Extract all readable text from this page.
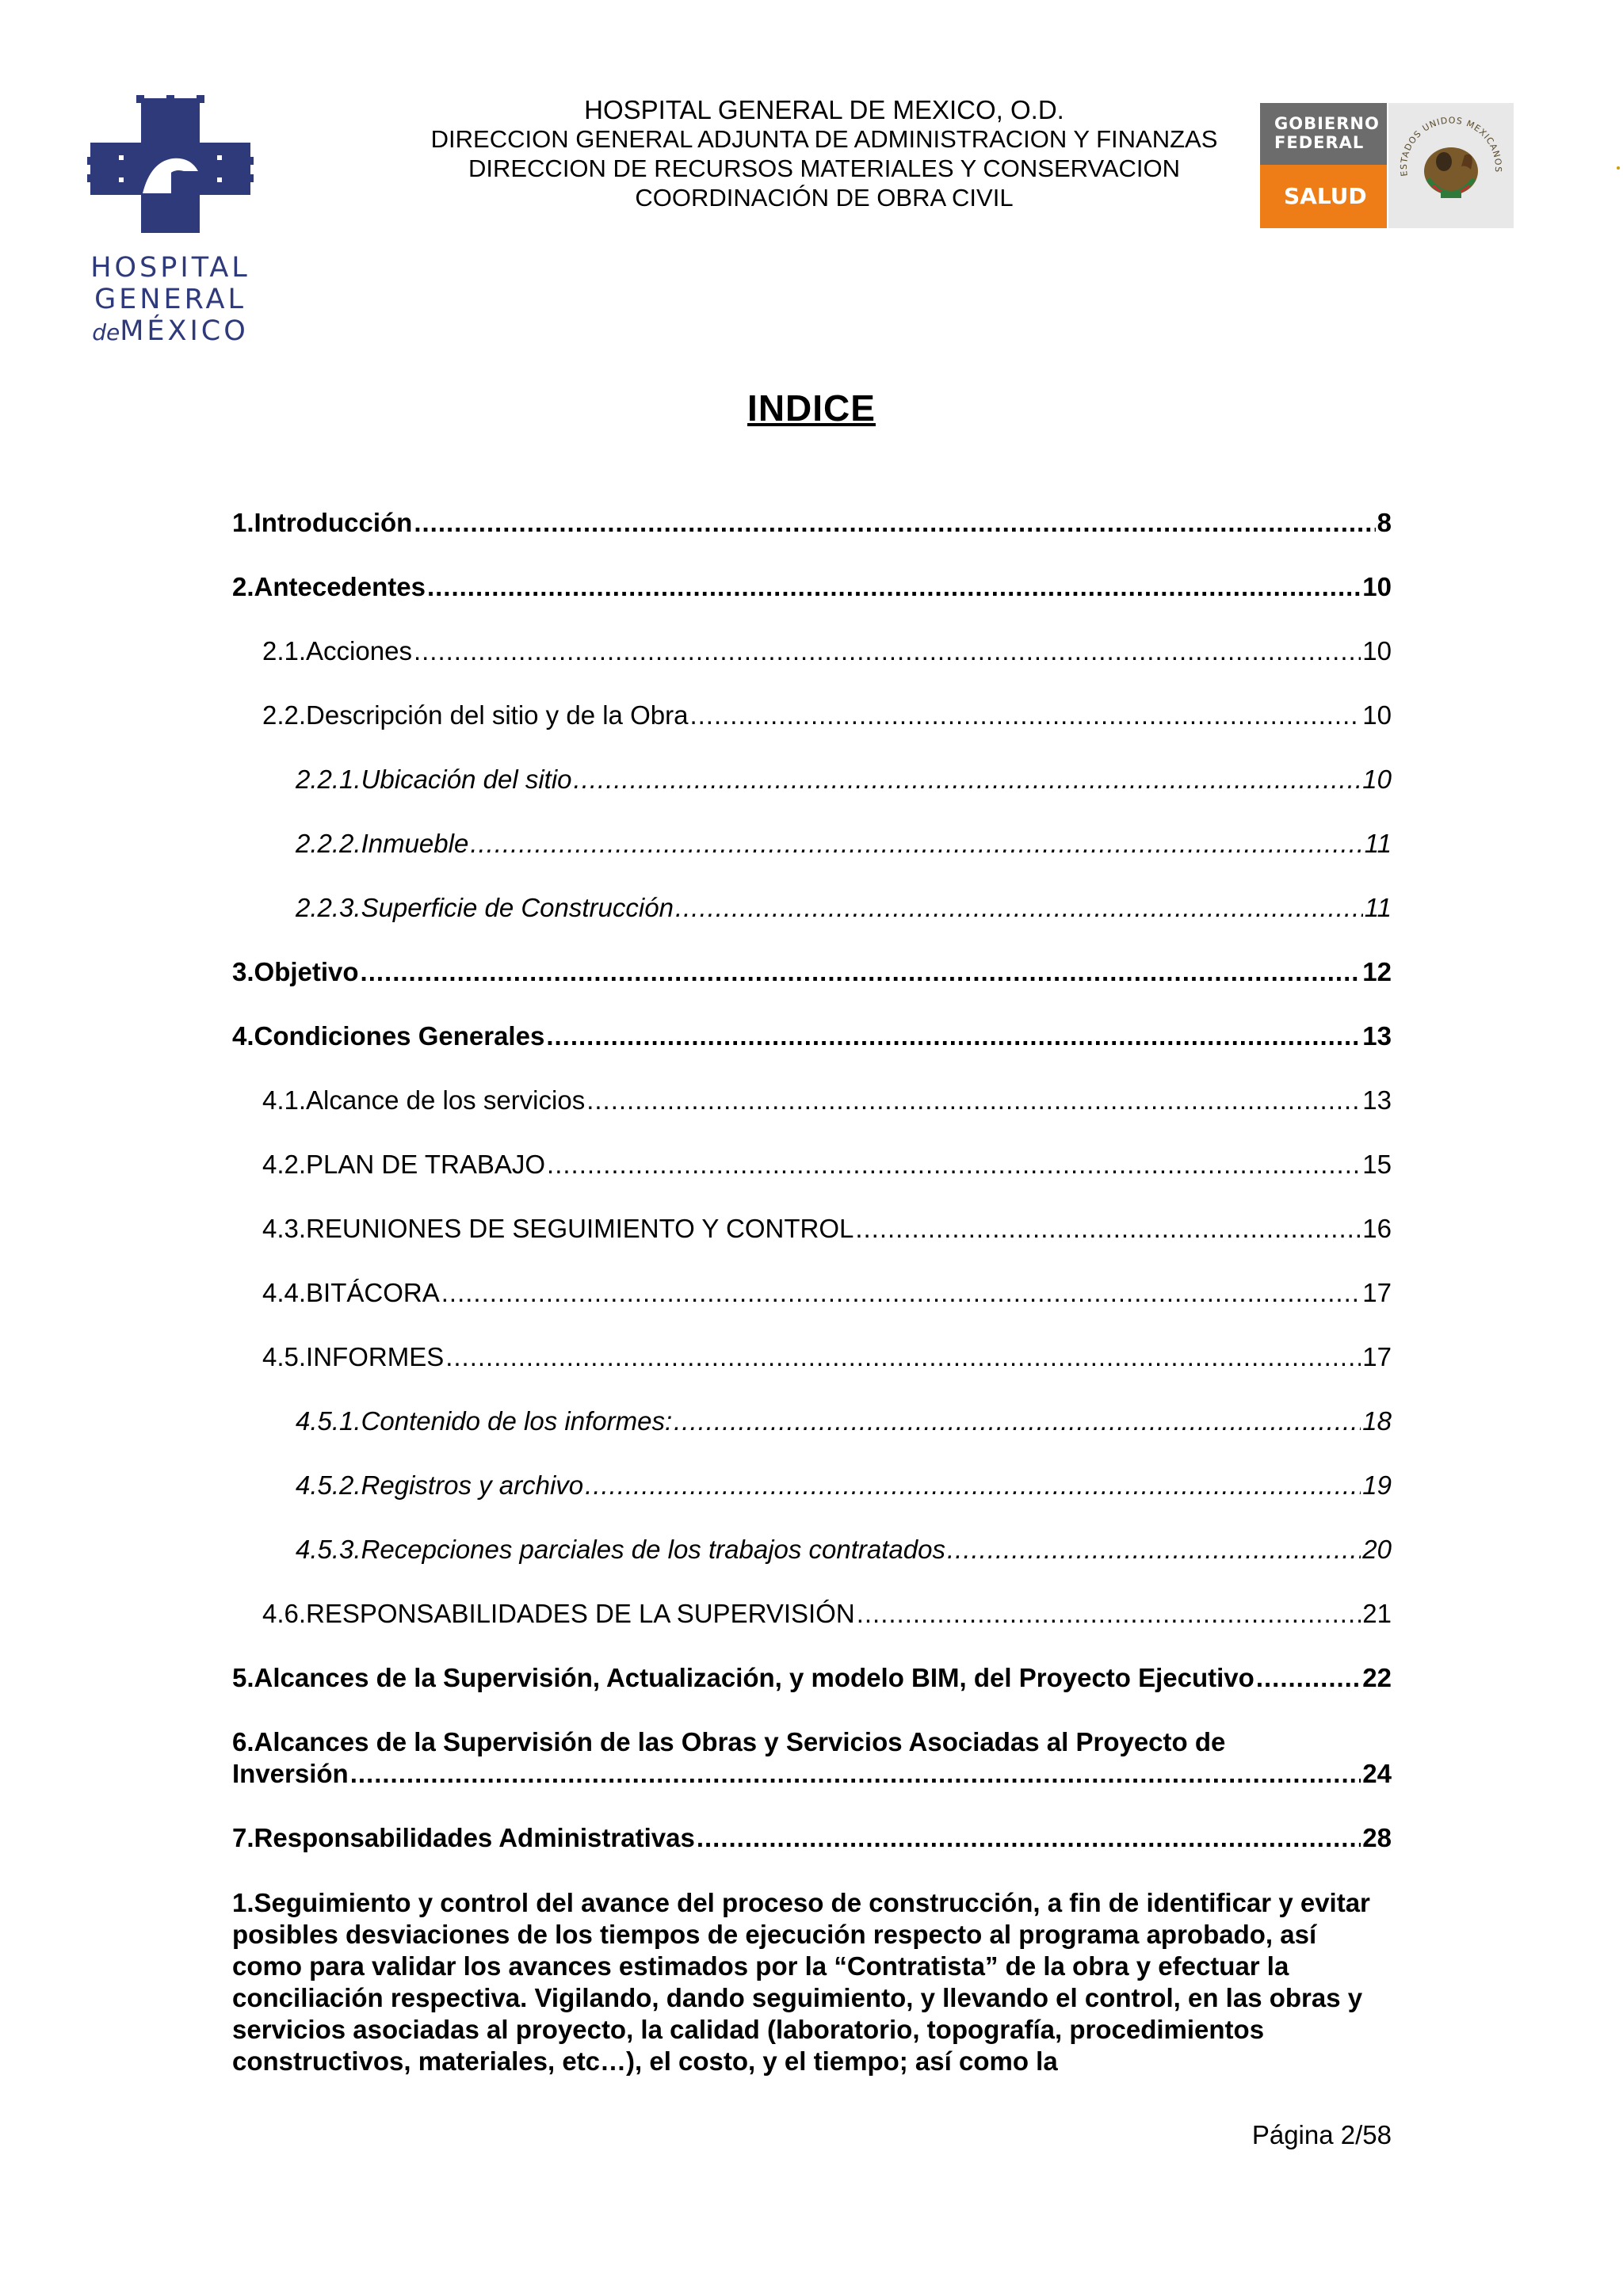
HOSPITAL
GENERAL
deMÉXICO
HOSPITAL GENERAL DE MEXICO, O.D.
DIRECCION GENERAL ADJUNTA DE ADMINISTRACION Y FINANZAS
DIRECCION DE RECURSOS MATERIALES Y CONSERVACION
COORDINACIÓN DE OBRA CIVIL
GOBIERNO
FEDERAL
SALUD
ESTADOS UNIDOS MEXICANOS
INDICE
1.Introducción .....	8
2.Antecedentes .....	10
2.1.Acciones .....	10
2.2.Descripción del sitio y de la Obra .....	10
2.2.1.Ubicación del sitio .....	10
2.2.2.Inmueble .....	11
2.2.3.Superficie de Construcción .....	11
3.Objetivo .....	12
4.Condiciones Generales .....	13
4.1.Alcance de los servicios .....	13
4.2.PLAN DE TRABAJO .....	15
4.3.REUNIONES DE SEGUIMIENTO Y CONTROL .....	16
4.4.BITÁCORA .....	17
4.5.INFORMES .....	17
4.5.1.Contenido de los informes: .....	18
4.5.2.Registros y archivo .....	19
4.5.3.Recepciones parciales de los trabajos contratados .....	20
4.6.RESPONSABILIDADES DE LA SUPERVISIÓN .....	21
5.Alcances de la Supervisión, Actualización, y modelo BIM, del Proyecto Ejecutivo .....	22
6.Alcances de la Supervisión de las Obras y Servicios Asociadas al Proyecto de
Inversión .....	24
7.Responsabilidades Administrativas .....	28
1.Seguimiento y control del avance del proceso de construcción, a fin de identificar y evitar posibles desviaciones de los tiempos de ejecución respecto al programa aprobado, así como para validar los avances estimados por la “Contratista” de la obra y efectuar la conciliación respectiva. Vigilando, dando seguimiento, y llevando el control, en las obras y servicios asociadas al proyecto, la calidad (laboratorio, topografía, procedimientos constructivos, materiales, etc…), el costo, y el tiempo; así como la
Página 2/58
